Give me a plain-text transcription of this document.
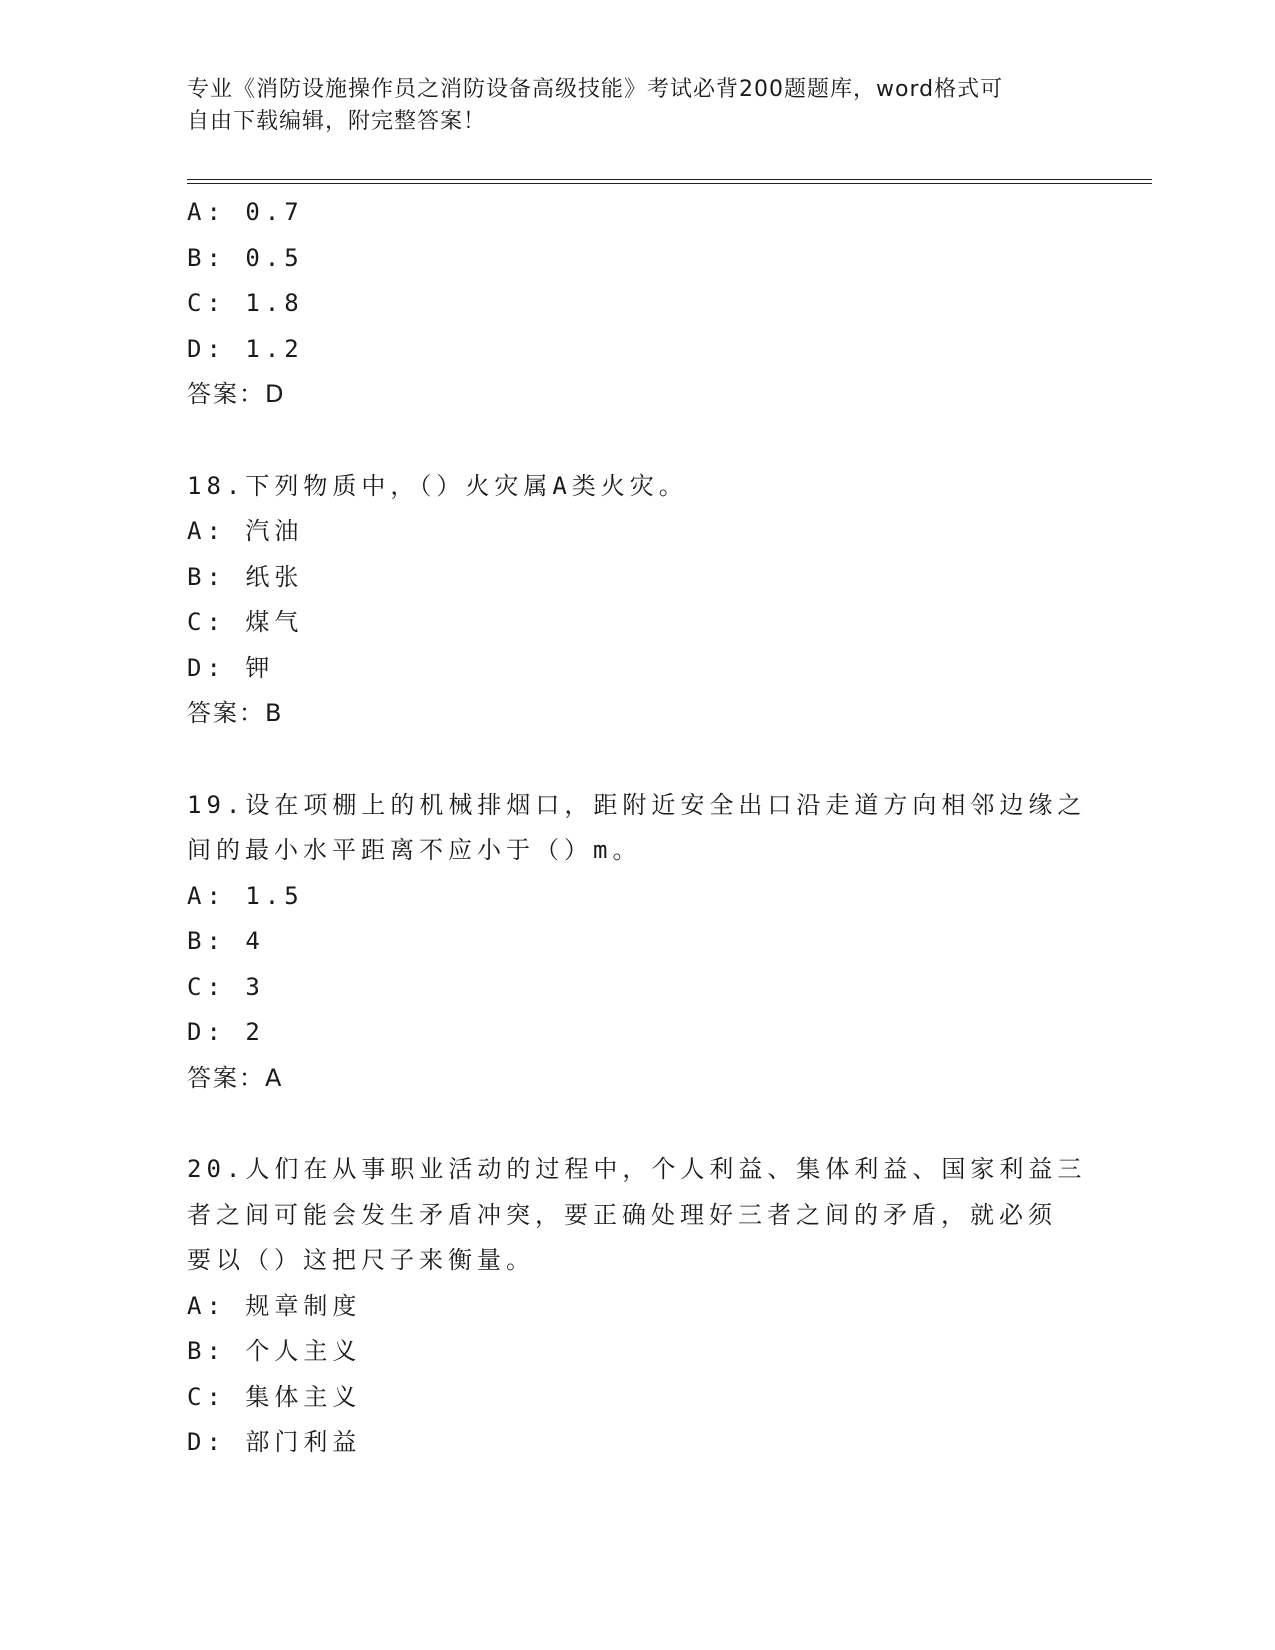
专业《消防设施操作员之消防设备高级技能》考试必背200题题库，word格式可
自由下载编辑，附完整答案！
A: 0.7
B: 0.5
C: 1.8
D: 1.2
答案：D
18.下列物质中，（）火灾属A类火灾。
A: 汽油
B: 纸张
C: 煤气
D: 钾
答案：B
19.设在项棚上的机械排烟口，距附近安全出口沿走道方向相邻边缘之
间的最小水平距离不应小于（）m。
A: 1.5
B: 4
C: 3
D: 2
答案：A
20.人们在从事职业活动的过程中，个人利益、集体利益、国家利益三
者之间可能会发生矛盾冲突，要正确处理好三者之间的矛盾，就必须
要以（）这把尺子来衡量。
A: 规章制度
B: 个人主义
C: 集体主义
D: 部门利益
